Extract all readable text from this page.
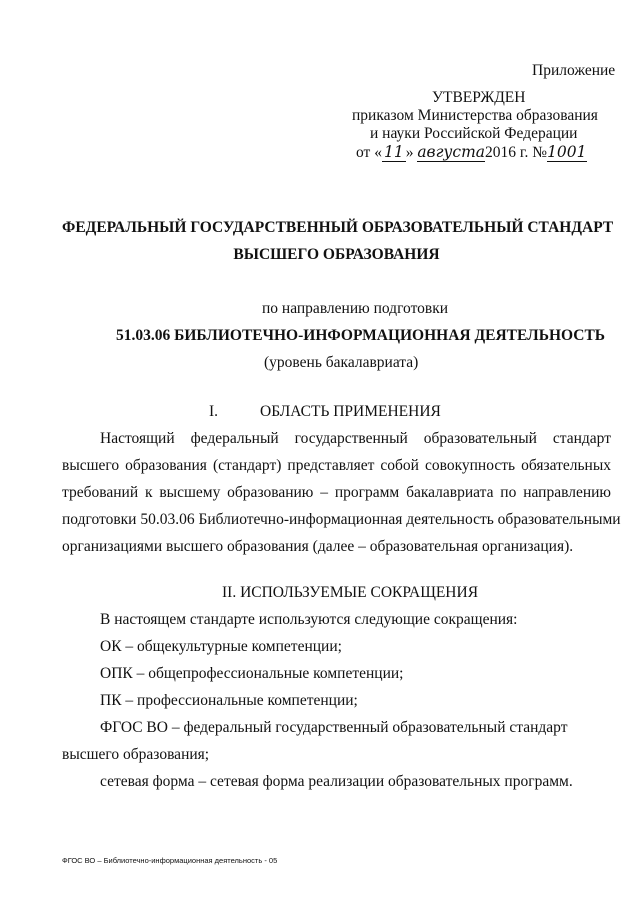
Приложение
УТВЕРЖДЕН
приказом Министерства образования
и науки Российской Федерации
от « 11 » августа2016 г. №1001
ФЕДЕРАЛЬНЫЙ ГОСУДАРСТВЕННЫЙ ОБРАЗОВАТЕЛЬНЫЙ СТАНДАРТ
ВЫСШЕГО ОБРАЗОВАНИЯ
по направлению подготовки
51.03.06 БИБЛИОТЕЧНО-ИНФОРМАЦИОННАЯ ДЕЯТЕЛЬНОСТЬ
(уровень бакалавриата)
I.	ОБЛАСТЬ ПРИМЕНЕНИЯ
Настоящий федеральный государственный образовательный стандарт
высшего образования (стандарт) представляет собой совокупность обязательных
требований к высшему образованию – программ бакалавриата по направлению
подготовки 50.03.06 Библиотечно-информационная деятельность образовательными
организациями высшего образования (далее – образовательная организация).
II. ИСПОЛЬЗУЕМЫЕ СОКРАЩЕНИЯ
В настоящем стандарте используются следующие сокращения:
ОК – общекультурные компетенции;
ОПК – общепрофессиональные компетенции;
ПК – профессиональные компетенции;
ФГОС ВО – федеральный государственный образовательный стандарт
высшего образования;
сетевая форма – сетевая форма реализации образовательных программ.
ФГОС ВО – Библиотечно-информационная деятельность - 05
